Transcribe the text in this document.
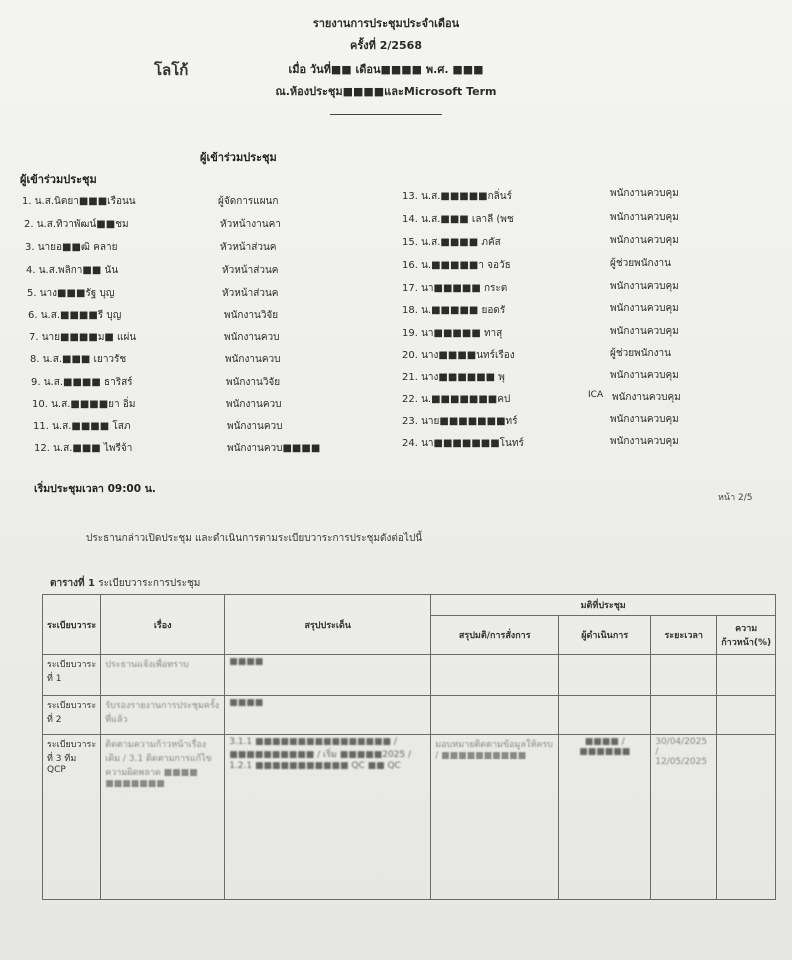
โลโก้
รายงานการประชุมประจำเดือน
ครั้งที่ 2/2568
เมื่อ วันที่■■ เดือน■■■■ พ.ศ. ■■■
ณ.ห้องประชุม■■■■และMicrosoft Term
ผู้เข้าร่วมประชุม
ผู้เข้าร่วมประชุม
1. น.ส.นิตยา■■■เรือนน	ผู้จัดการแผนก
2. น.ส.ทิวาพัฒน์■■ชม	หัวหน้างานคา
3. นายอ■■ฒิ คลาย	หัวหน้าส่วนค
4. น.ส.พลิกา■■ นัน	หัวหน้าส่วนค
5. นาง■■■รัฐ บุญ	หัวหน้าส่วนค
6. น.ส.■■■■รี บุญ	พนักงานวิจัย
7. นาย■■■■ม■ แผ่น	พนักงานควบ
8. น.ส.■■■ เยาวรัช	พนักงานควบ
9. น.ส.■■■■ ธาริสร์	พนักงานวิจัย
10. น.ส.■■■■ยา อิ่ม	พนักงานควบ
11. น.ส.■■■■ โสภ	พนักงานควบ
12. น.ส.■■■ ไพรีจ้า	พนักงานควบ■■■■
13. น.ส.■■■■■กลิ่นร์	พนักงานควบคุม
14. น.ส.■■■ เลาลี (พช	พนักงานควบคุม
15. น.ส.■■■■ ภคัส	พนักงานควบคุม
16. น.■■■■■า จอวัธ	ผู้ช่วยพนักงาน
17. นา■■■■■ กระต	พนักงานควบคุม
18. น.■■■■■ ยอดรั	พนักงานควบคุม
19. นา■■■■■ ทาสุ	พนักงานควบคุม
20. นาง■■■■นทร์เรือง	ผู้ช่วยพนักงาน
21. นาง■■■■■■ พุ	พนักงานควบคุม
22. น.■■■■■■■คป	ICA พนักงานควบคุม
23. นาย■■■■■■■ทร์	พนักงานควบคุม
24. นา■■■■■■■โนทร์	พนักงานควบคุม
เริ่มประชุมเวลา 09:00 น.
หน้า 2/5
ประธานกล่าวเปิดประชุม และดำเนินการตามระเบียบวาระการประชุมดังต่อไปนี้
ตารางที่ 1 ระเบียบวาระการประชุม
ระเบียบวาระ	เรื่อง	สรุปประเด็น	มติที่ประชุม			
			สรุปมติ/การสั่งการ	ผู้ดำเนินการ	ระยะเวลา	ความก้าวหน้า(%)
ระเบียบวาระที่ 1	ประธานแจ้งเพื่อทราบ	■■■■				
ระเบียบวาระที่ 2	รับรองรายงานการประชุมครั้งที่แล้ว	■■■■				
ระเบียบวาระที่ 3 ทีม QCP	ติดตามความก้าวหน้าเรื่องเดิม / 3.1 ติดตามการแก้ไขความผิดพลาด ■■■■ ■■■■■■■	3.1.1 ■■■■■■■■■■■■■■■■ / ■■■■■■■■■■ / เริ่ม ■■■■■2025 / 1.2.1 ■■■■■■■■■■■ QC ■■ QC	มอบหมายติดตามข้อมูลให้ครบ / ■■■■■■■■■■	■■■■ / ■■■■■■	30/04/2025 / 12/05/2025	
